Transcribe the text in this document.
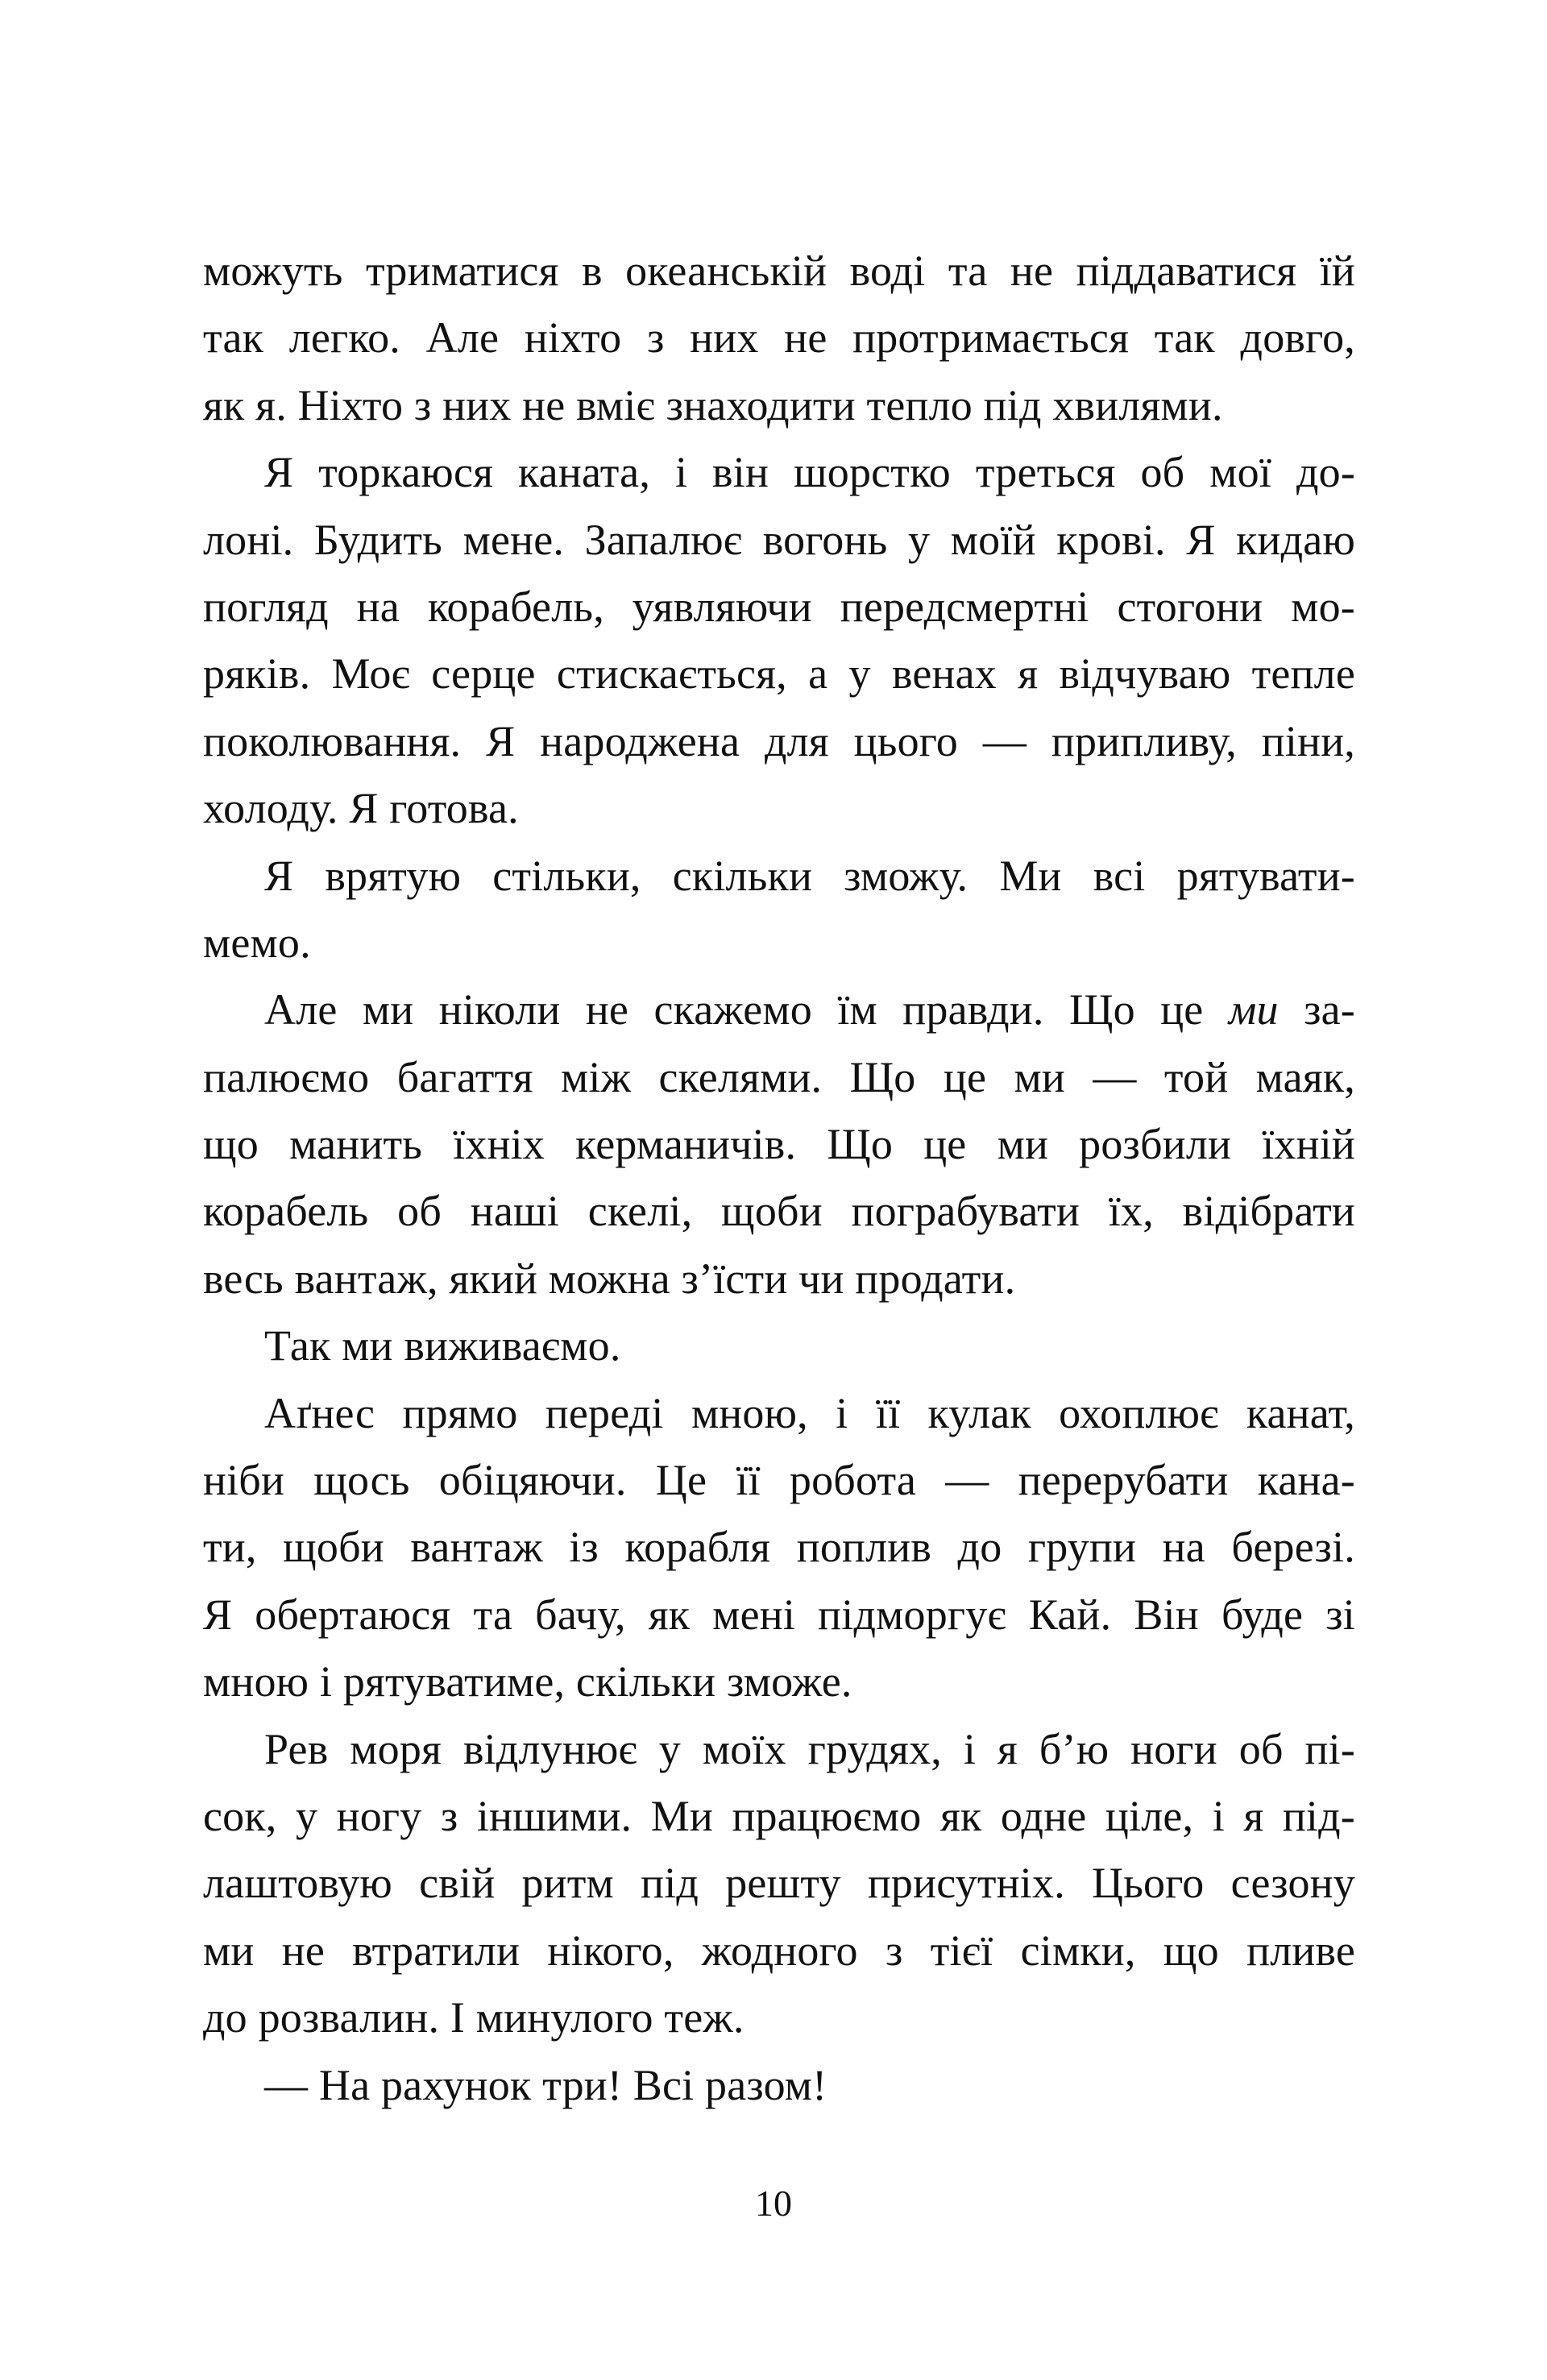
можуть триматися в океанській воді та не піддаватися їй
так легко. Але ніхто з них не протримається так довго,
як я. Ніхто з них не вміє знаходити тепло під хвилями.
Я торкаюся каната, і він шорстко треться об мої до-
лоні. Будить мене. Запалює вогонь у моїй крові. Я кидаю
погляд на корабель, уявляючи передсмертні стогони мо-
ряків. Моє серце стискається, а у венах я відчуваю тепле
поколювання. Я народжена для цього — припливу, піни,
холоду. Я готова.
Я врятую стільки, скільки зможу. Ми всі рятувати-
мемо.
Але ми ніколи не скажемо їм правди. Що це ми за-
палюємо багаття між скелями. Що це ми — той маяк,
що манить їхніх керманичів. Що це ми розбили їхній
корабель об наші скелі, щоби пограбувати їх, відібрати
весь вантаж, який можна з’їсти чи продати.
Так ми виживаємо.
Аґнес прямо переді мною, і її кулак охоплює канат,
ніби щось обіцяючи. Це її робота — перерубати кана-
ти, щоби вантаж із корабля поплив до групи на березі.
Я обертаюся та бачу, як мені підморгує Кай. Він буде зі
мною і рятуватиме, скільки зможе.
Рев моря відлунює у моїх грудях, і я б’ю ноги об пі-
сок, у ногу з іншими. Ми працюємо як одне ціле, і я під-
лаштовую свій ритм під решту присутніх. Цього сезону
ми не втратили нікого, жодного з тієї сімки, що пливе
до розвалин. І минулого теж.
— На рахунок три! Всі разом!
10
